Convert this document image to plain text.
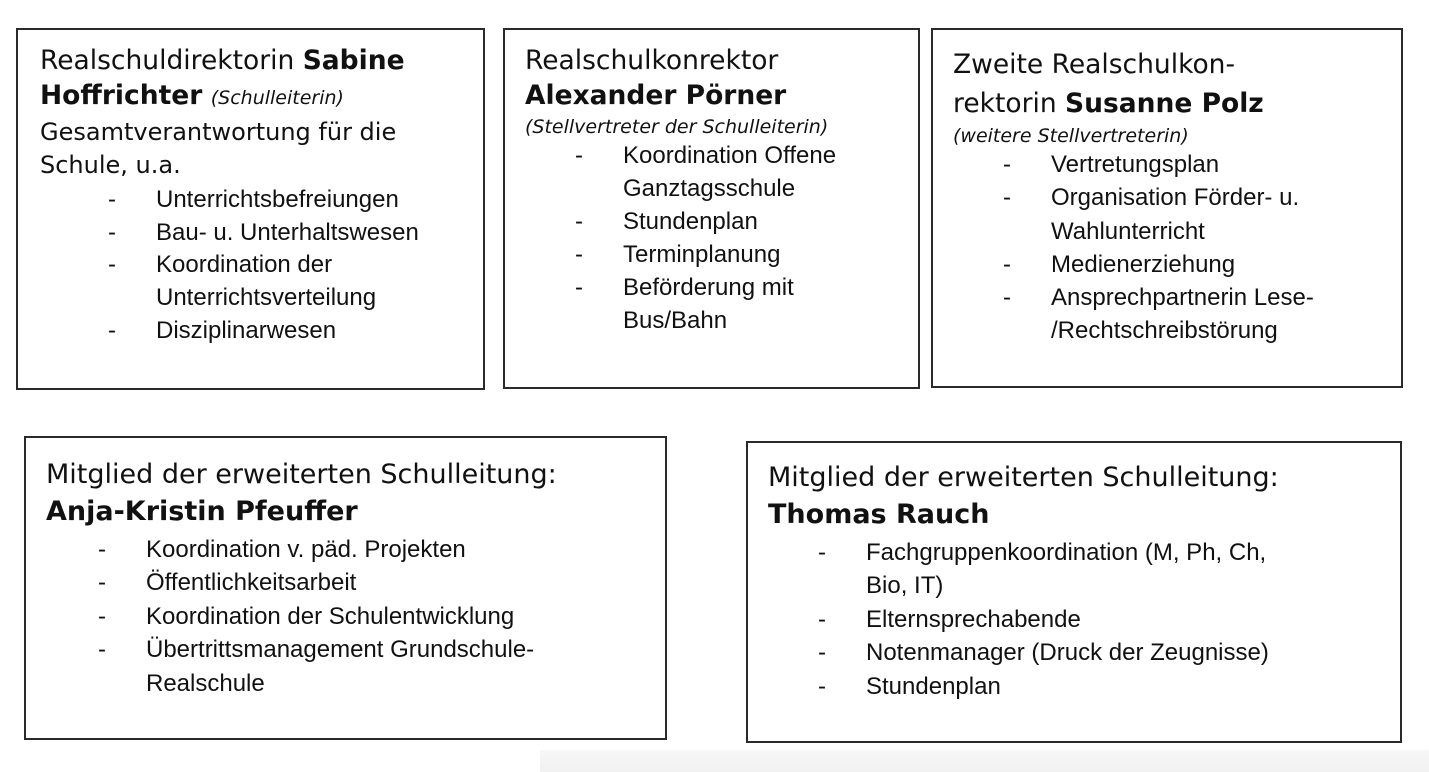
Realschuldirektorin Sabine
Hoffrichter (Schulleiterin)

Gesamtverantwortung für die
Schule, u.a.

- Unterrichtsbefreiungen
- Bau- u. Unterhaltswesen
- Koordination der
Unterrichtsverteilung
- Disziplinarwesen

Realschulkonrektor
Alexander Pörner

(Stellvertreter der Schulleiterin)

- Koordination Offene
Ganztagsschule
- Stundenplan
- Terminplanung
- Beförderung mit
Bus/Bahn

Zweite Realschulkon-
rektorin Susanne Polz

(weitere Stellvertreterin)

- Vertretungsplan
- Organisation Förder- u.
Wahlunterricht
- Medienerziehung
- Ansprechpartnerin Lese-
/Rechtschreibstörung

Mitglied der erweiterten Schulleitung:
Anja-Kristin Pfeuffer

- Koordination v. päd. Projekten
- Öffentlichkeitsarbeit
- Koordination der Schulentwicklung
- Übertrittsmanagement Grundschule-
Realschule

Mitglied der erweiterten Schulleitung:
Thomas Rauch

- Fachgruppenkoordination (M, Ph, Ch,
Bio, IT)
- Elternsprechabende
- Notenmanager (Druck der Zeugnisse)
- Stundenplan
